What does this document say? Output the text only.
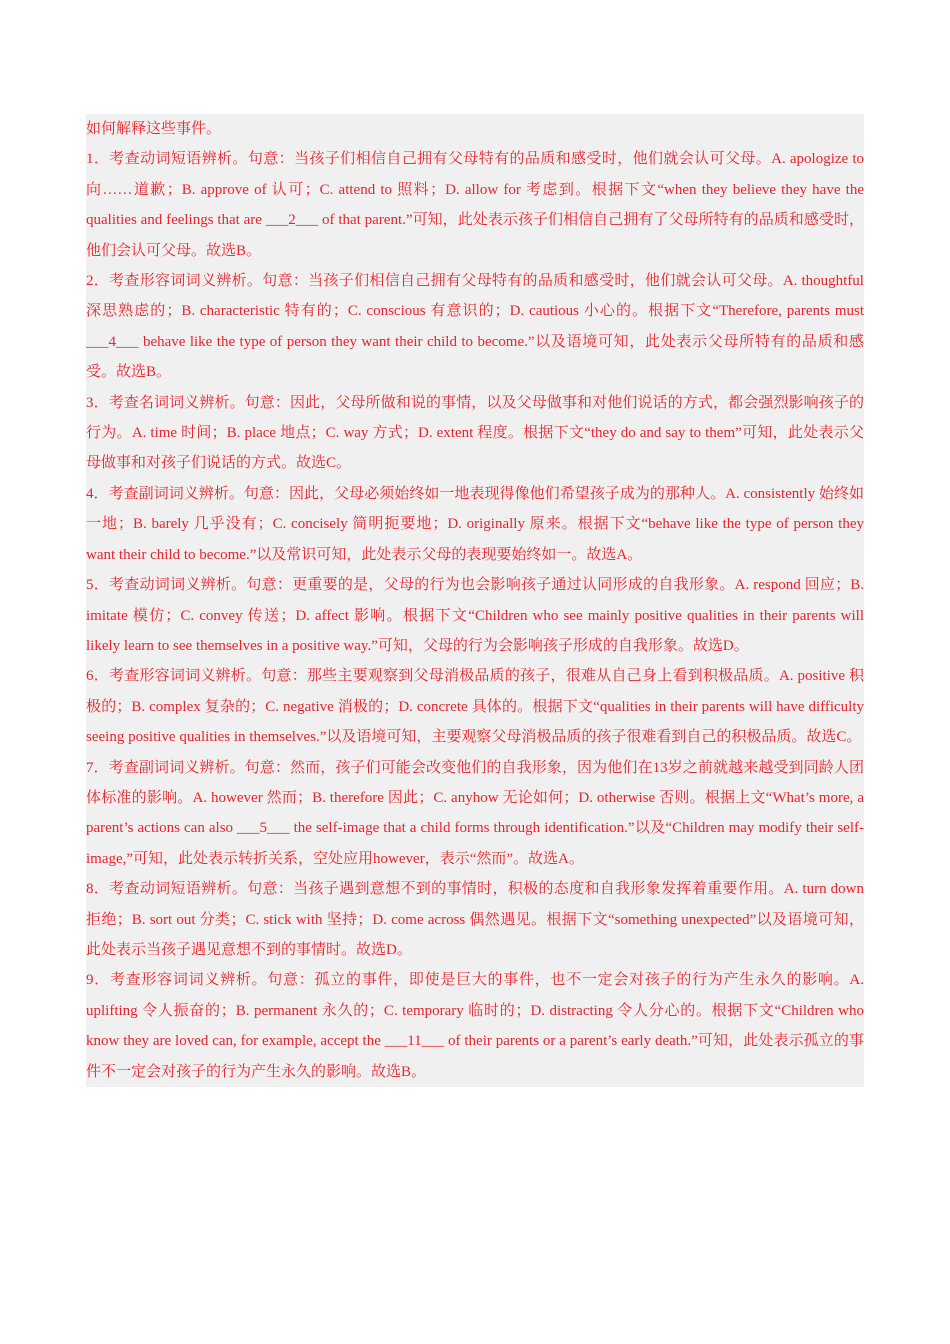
如何解释这些事件。

1．考查动词短语辨析。句意：当孩子们相信自己拥有父母特有的品质和感受时，他们就会认可父母。A. apologize to 向……道歉；B. approve of 认可；C. attend to 照料；D. allow for 考虑到。根据下文“when they believe they have the qualities and feelings that are ___2___ of that parent.”可知，此处表示孩子们相信自己拥有了父母所特有的品质和感受时，他们会认可父母。故选B。

2．考查形容词词义辨析。句意：当孩子们相信自己拥有父母特有的品质和感受时，他们就会认可父母。A. thoughtful 深思熟虑的；B. characteristic 特有的；C. conscious 有意识的；D. cautious 小心的。根据下文“Therefore, parents must ___4___ behave like the type of person they want their child to become.”以及语境可知，此处表示父母所特有的品质和感受。故选B。

3．考查名词词义辨析。句意：因此，父母所做和说的事情，以及父母做事和对他们说话的方式，都会强烈影响孩子的行为。A. time 时间；B. place 地点；C. way 方式；D. extent 程度。根据下文“they do and say to them”可知，此处表示父母做事和对孩子们说话的方式。故选C。

4．考查副词词义辨析。句意：因此，父母必须始终如一地表现得像他们希望孩子成为的那种人。A. consistently 始终如一地；B. barely 几乎没有；C. concisely 简明扼要地；D. originally 原来。根据下文“behave like the type of person they want their child to become.”以及常识可知，此处表示父母的表现要始终如一。故选A。

5．考查动词词义辨析。句意：更重要的是，父母的行为也会影响孩子通过认同形成的自我形象。A. respond 回应；B. imitate 模仿；C. convey 传送；D. affect 影响。根据下文“Children who see mainly positive qualities in their parents will likely learn to see themselves in a positive way.”可知，父母的行为会影响孩子形成的自我形象。故选D。

6．考查形容词词义辨析。句意：那些主要观察到父母消极品质的孩子，很难从自己身上看到积极品质。A. positive 积极的；B. complex 复杂的；C. negative 消极的；D. concrete 具体的。根据下文“qualities in their parents will have difficulty seeing positive qualities in themselves.”以及语境可知，主要观察父母消极品质的孩子很难看到自己的积极品质。故选C。

7．考查副词词义辨析。句意：然而，孩子们可能会改变他们的自我形象，因为他们在13岁之前就越来越受到同龄人团体标准的影响。A. however 然而；B. therefore 因此；C. anyhow 无论如何；D. otherwise 否则。根据上文“What’s more, a parent’s actions can also ___5___ the self-image that a child forms through identification.”以及“Children may modify their self-image,”可知，此处表示转折关系，空处应用however，表示“然而”。故选A。

8．考查动词短语辨析。句意：当孩子遇到意想不到的事情时，积极的态度和自我形象发挥着重要作用。A. turn down 拒绝；B. sort out 分类；C. stick with 坚持；D. come across 偶然遇见。根据下文“something unexpected”以及语境可知，此处表示当孩子遇见意想不到的事情时。故选D。

9．考查形容词词义辨析。句意：孤立的事件，即使是巨大的事件，也不一定会对孩子的行为产生永久的影响。A. uplifting 令人振奋的；B. permanent 永久的；C. temporary 临时的；D. distracting 令人分心的。根据下文“Children who know they are loved can, for example, accept the ___11___ of their parents or a parent’s early death.”可知，此处表示孤立的事件不一定会对孩子的行为产生永久的影响。故选B。
